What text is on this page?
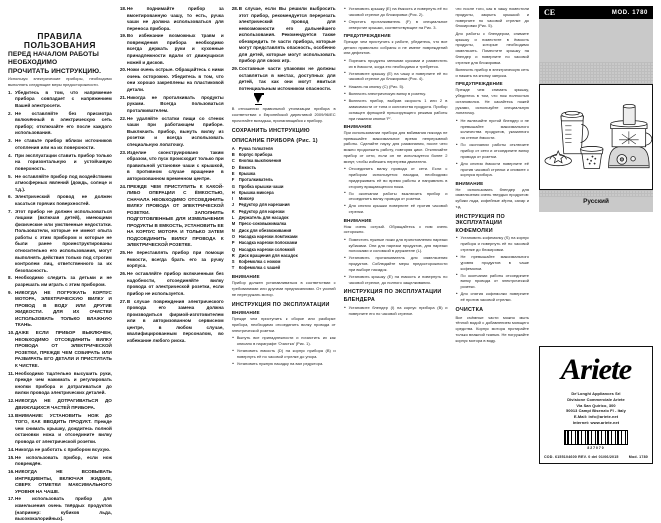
ПРАВИЛА ПОЛЬЗОВАНИЯ
ПЕРЕД НАЧАЛОМ РАБОТЫ НЕОБХОДИМО
ПРОЧИТАТЬ ИНСТРУКЦИЮ.

Используя электрические приборы, необходимо выполнять следующие меры предосторожности.

1. Убедитесь в том, что напряжение прибора совпадает с напряжением Вашей электросети.
2. Не оставляйте без присмотра включённый в электрическую сеть прибор; отключайте его после каждого использования.
3. Не ставьте прибор вблизи источников отопления или на их поверхности.
4. При эксплуатации ставить прибор только на горизонтальную и устойчивую поверхность.
5. Не оставляйте прибор под воздействием атмосферных явлений (дождь, солнце и т.д.).
6. Электрический провод не должен касаться горячих поверхностей.
7. Этот прибор не должен использоваться лицами (включая детей), имеющими физические или умственные недостатки. Пользователи, которые не имеют опыта работы с этим прибором и которые не были ранее проинструктированы относительно его использования, могут выполнять действия только под строгим контролем лиц, ответственного за их безопасность.
8. Необходимо следить за детьми и не разрешать им играть с этим прибором.
9. НИКОГДА НЕ ПОГРУЖАТЬ КОРПУС МОТОРА, ЭЛЕКТРИЧЕСКУЮ ВИЛКУ И ПРОВОД В ВОДУ ИЛИ ДРУГИЕ ЖИДКОСТИ. ДЛЯ ИХ ОЧИСТКИ ИСПОЛЬЗОВАТЬ ТОЛЬКО ВЛАЖНУЮ ТКАНЬ.
10. ДАЖЕ ЕСЛИ ПРИБОР ВЫКЛЮЧЕН, НЕОБХОДИМО ОТСОЕДИНИТЬ ВИЛКУ ПРОВОДА ОТ ЭЛЕКТРИЧЕСКОЙ РОЗЕТКИ, ПРЕЖДЕ ЧЕМ СОБИРАТЬ ИЛИ РАЗБИРАТЬ ЕГО ДЕТАЛИ И ПРИСТУПАТЬ К ЧИСТКЕ.
11. Необходимо тщательно высушить руки, прежде чем нажимать и регулировать кнопки прибора и дотрагиваться до вилки провода электрических деталей.
12. НИКОГДА НЕ ДОТРАГИВАТЬСЯ ДО ДВИЖУЩИХСЯ ЧАСТЕЙ ПРИБОРА.
13. ВНИМАНИЕ: УСТАНОВИТЬ НОЖ ДО ТОГО, КАК ВВОДИТЬ ПРОДУКТ. Прежде чем снимать крышку, дождитесь полной остановки ножа и отсоедините вилку провода от электрической розетки.
14. Никогда не работать с прибором всухую.
15. Не использовать прибор, если нож повреждён.
16. НИКОГДА НЕ ВСОВЫВАТЬ ИНГРЕДИЕНТЫ, ВКЛЮЧАЯ ЖИДКИЕ, СВЕРХ ОТМЕТКИ МАКСИМАЛЬНОГО УРОВНЯ НА ЧАШЕ.
17. Не использовать прибор для измельчения очень твёрдых продуктов (например: кубиков льда, высококалорийных).
18. Не поднимайте прибор за вмонтированную чашу, то есть, ручка чаши не должна использоваться для переноса прибора.
19. Во избежание возможных травм и повреждения прибора необходимо всегда держать руки и кухонные принадлежности вдали от движущихся ножей и дисков.
20. Ножи очень острые. Обращайтесь с ними очень осторожно. Убедитесь в том, что они хорошо закреплены на пластиковой детали.
21. Никогда не проталкивать продукты руками. Всегда пользоваться проталкивателем.
22. Не удаляйте остатки пищи со стенок чаши при работающем приборе. Выключить прибор, вынуть вилку из розетки и всегда использовать специальную лопаточку.
23. Изделие сконструировано таким образом, что пуск происходит только при правильной установке чаши с крышкой, в противном случае вращение в авторизованном временном центре.
24. ПРЕЖДЕ ЧЕМ ПРИСТУПИТЬ К КАКОЙ-ЛИБО ОПЕРАЦИИ С ЁМКОСТЬЮ, СНАЧАЛА НЕОБХОДИМО ОТСОЕДИНИТЬ ВИЛКУ ПРОВОДА ОТ ЭЛЕКТРИЧЕСКОЙ РОЗЕТКИ. ЗАПОЛНИТЬ ПОДГОТОВЛЕННЫЕ ДЛЯ ИЗМЕЛЬЧЕНИЯ ПРОДУКТЫ В ЕМКОСТЬ, УСТАНОВИТЬ ЕЕ НА КОРПУС МОТОРА И ТОЛЬКО ЗАТЕМ ПОДСОЕДИНИТЬ ВИЛКУ ПРОВОДА К ЭЛЕКТРИЧЕСКОЙ РОЗЕТКЕ.
25. Не переставлять прибор при помощи ёмкости, всегда брать его за ручку корпуса.
26. Не оставляйте прибор включенным без надобности, отсоединяйте вилку провода от электрической розетки, если прибор не используется.
27. В случае повреждения электрического провода его замена должна производиться фирмой-изготовителем или в авторизованном сервисном центре, в любом случае, квалифицированным персоналом, во избежание любого риска.
28. В случае, если Вы решили выбросить этот прибор, рекомендуется перерезать электрический провод для невозможности его дальнейшего использования. Рекомендуется также обезвредить те части прибора, которые могут представлять опасность, особенно для детей, которые могут использовать прибор для своих игр.
29. Составные части упаковки не должны оставляться в местах, доступных для детей, так как они могут явиться потенциальным источником опасности.

В отношении правильной утилизации прибора в соответствии с Европейской директивой 2009/96/ЕС прочитайте вкладыш, прилагающийся к прибору.

СОХРАНИТЬ ИНСТРУКЦИЮ
ОПИСАНИЕ ПРИБОРА (Рис. 1)
A Ручка толкателя
B Корпус прибора
C Кнопка выключения
D Ёмкость
E Крышка
F Проталкиватель
G Пробка крышки чаши
H Крышка миксера
I Миксер
J Редуктор для нарезания
K Редуктор для нарезки
L Держатель для насадок
M Пресс-соковыжималка
N Диск для обезвоживания
O Насадка нарезки ломтиками
P Насадка нарезки полосками
Q Насадка нарезки соломкой
R Диск вращения для насадок
S Кофемолка с ножом
T Кофемолка с чашей
ВНИМАНИЕ

Прибор должен устанавливаться в соответствии с требованиями или другими предписаниями. От усилий не перегружать мотор.

ИНСТРУКЦИЯ ПО ЭКСПЛУАТАЦИИ
ВНИМАНИЕ

Прежде чем приступить к сборке или разборке прибора, необходимо отсоединить вилку провода от электрической розетки.

• Вынуть все принадлежности и почистить их как описано в параграфе 'Очистка' (Рис. 1).
• Установить емкость (D) на корпус прибора (B) и повернуть её по часовой стрелке до упора.
• Установить нужную насадку на вал редуктора.
• Установить крышку (E) на ёмкость и повернуть её по часовой стрелке до блокировки (Рис. 2).
• Опустить проталкиватель (F) в специальное отверстие крышки, соответствующее на Рис. 3.
ПРЕДУПРЕЖДЕНИЕ

Прежде чем приступить к работе, убедитесь, что все детали правильно собраны и не имеют повреждений или дефектов.

• Порезать продукты мелкими кусками и разместить их в ёмкости, когда это необходимо и требуется.
• Установите крышку (E) на чашу и поверните её по часовой стрелке до блокировки (Рис. 4).
• Нажать на кнопку (C) (Рис. 5).
• Включить электрическую вилку в розетку.
• Включить прибор, выбрав скорость 1 или 2 в зависимости от типа и количества продукта. Прибор оснащен функцией пульсирующего режима работы при нажатии кнопки 'P'.
ВНИМАНИЕ

При использовании прибора для взбивания никогда не превышайте максимальное время непрерывной работы. Сделайте паузу для разминания, после чего можно продолжить работу, повторяя цикл. Отключайте прибор от сети, если он не используется более 2 минут, чтобы избежать перегрева двигателя.

• Отсоединить вилку провода от сети. Если с прибором используется насадка, необходимо придерживать её во время работы и направлять в сторону вращающегося ножа.
• По окончании работы выключить прибор и отсоединить вилку провода от розетки.
• Для снятия крышки поверните её против часовой стрелки.
ВНИМАНИЕ

Нож очень острый. Обращайтесь с ним очень осторожно.

• Поместить нужные ножи для приготовления нарезки кубиками. Они для нарезки продуктов, для нарезки полосками и соломкой в держателе (L).
• Установить проталкиватель для измельчения продуктов. Соблюдайте меры предосторожности при выборе насадок.
• Установить крышку (E) на емкость и повернуть по часовой стрелке, до полного защелкивания.
ИНСТРУКЦИЯ ПО ЭКСПЛУАТАЦИИ
БЛЕНДЕРА
• Установите блендер (I) на корпус прибора (B) и поверните его по часовой стрелке.

что после того, как в чашу поместили продукты, закрыть крышкой и поверните по часовой стрелке до блокировки (Рис. 5).

Для работы с блендером, снимите крышку и поместите в ёмкость продукты, которые необходимо измельчить. Поместите крышку на блендер и поверните по часовой стрелке для блокировки.

Включить прибор в электрическую сеть и нажать на кнопку запуска.

ПРЕДУПРЕЖДЕНИЕ

Прежде чем снимать крышку, убедитесь в том, что нож полностью остановился. Не касайтесь ножей руками, используйте специальную лопаточку.

• Не включайте пустой блендер и не превышайте максимального количества продуктов, указанного на стенке ёмкости.
• По окончании работы отключите прибор от сети и отсоедините вилку провода от розетки.
• Для снятия ёмкости поверните её против часовой стрелки и снимите с корпуса прибора.
ВНИМАНИЕ

Не использовать блендер для измельчения очень твердых продуктов: кубики льда, кофейные зёрна, сахар и т.д.

ИНСТРУКЦИЯ ПО ЭКСПЛУАТАЦИИ
КОФЕМОЛКИ
• Установить кофемолку (S) на корпус прибора и повернуть её по часовой стрелке до блокировки.
• Не превышайте максимального уровня продуктов в чаше кофемолки.
• По окончании работы отсоедините вилку провода от электрической розетки.
• Для снятия кофемолки поверните её против часовой стрелки.
ОЧИСТКА

Все съёмные части можно мыть тёплой водой с добавлением моющего средства. Корпус мотора протирайте только влажной тканью. Не погружайте корпус мотора в воду.

CE	MOD. 1780
Русский
Ariete
De'Longhi Appliances Srl
Divisione Commerciale Ariete
Via San Quirico, 300
50013 Campi Bisenzio FI - Italy
E-Mail: info@ariete.net
Internet: www.ariete.net
827070
COD. 6155104600 REV. 0 del 01/06/2015	Mod. 1780
